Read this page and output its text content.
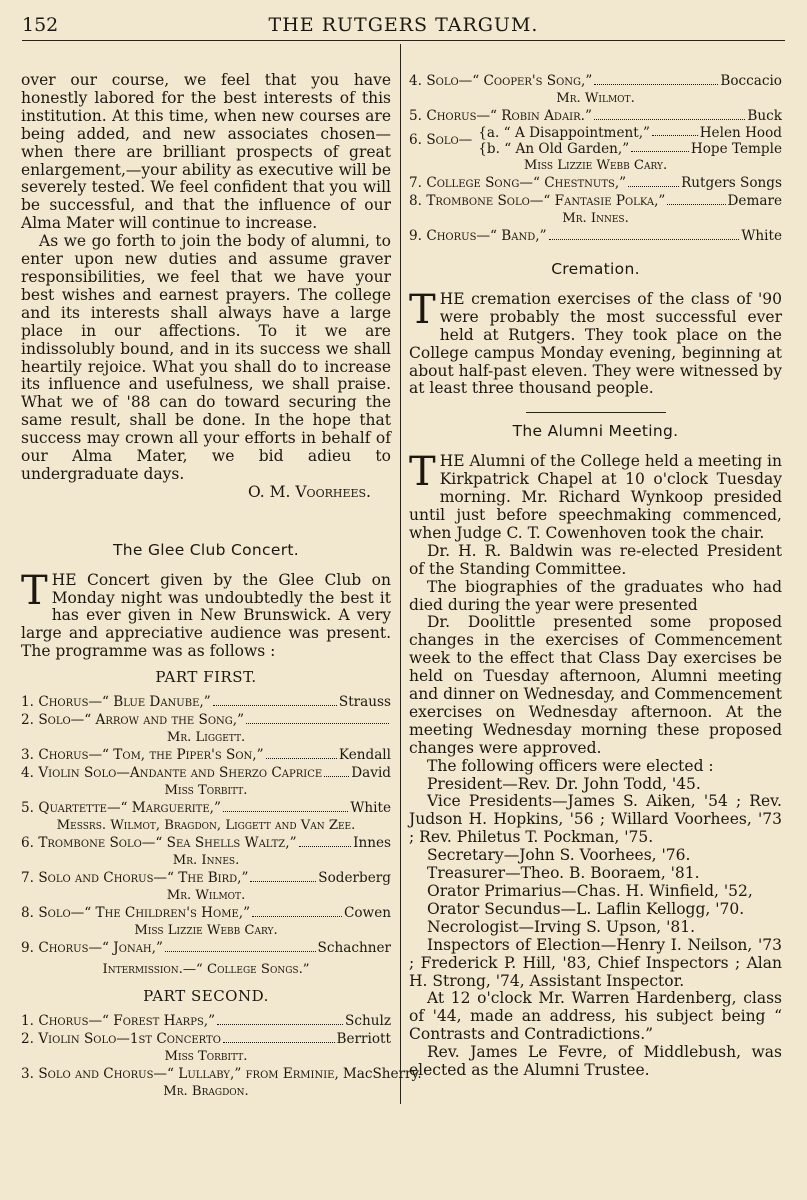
152	THE RUTGERS TARGUM.

over our course, we feel that you have honestly labored for the best interests of this institution. At this time, when new courses are being added, and new associates chosen—when there are brilliant prospects of great enlargement,—your ability as executive will be severely tested. We feel confident that you will be successful, and that the influence of our Alma Mater will continue to increase.

As we go forth to join the body of alumni, to enter upon new duties and assume graver responsibilities, we feel that we have your best wishes and earnest prayers. The college and its interests shall always have a large place in our affections. To it we are indissolubly bound, and in its success we shall heartily rejoice. What you shall do to increase its influence and usefulness, we shall praise. What we of '88 can do toward securing the same result, shall be done. In the hope that success may crown all your efforts in behalf of our Alma Mater, we bid adieu to undergraduate days.

O. M. Voorhees.

The Glee Club Concert.

THE Concert given by the Glee Club on Monday night was undoubtedly the best it has ever given in New Brunswick. A very large and appreciative audience was present. The programme was as follows :

PART FIRST.
1. Chorus—“ Blue Danube,”	Strauss
2. Solo—“ Arrow and the Song,”
Mr. Liggett.
3. Chorus—“ Tom, the Piper's Son,”	Kendall
4. Violin Solo—Andante and Sherzo Caprice David
Miss Torbitt.
5. Quartette—“ Marguerite,”	White
Messrs. Wilmot, Bragdon, Liggett and Van Zee.
6. Trombone Solo—“ Sea Shells Waltz,”	Innes
Mr. Innes.
7. Solo and Chorus—“ The Bird,”	Soderberg
Mr. Wilmot.
8. Solo—“ The Children's Home,”	Cowen
Miss Lizzie Webb Cary.
9. Chorus—“ Jonah,”	Schachner
Intermission.—“ College Songs.”
PART SECOND.
1. Chorus—“ Forest Harps,”	Schulz
2. Violin Solo—1st Concerto	Berriott
Miss Torbitt.
3. Solo and Chorus—“ Lullaby,” from Erminie, MacSherry.
Mr. Bragdon.
4. Solo—“ Cooper's Song,”	Boccacio
Mr. Wilmot.
5. Chorus—“ Robin Adair.”	Buck
6. Solo— {a. “ A Disappointment,”	Helen Hood
{b. “ An Old Garden,”	Hope Temple
Miss Lizzie Webb Cary.
7. College Song—“ Chestnuts,”	Rutgers Songs
8. Trombone Solo—“ Fantasie Polka,”	Demare
Mr. Innes.
9. Chorus—“ Band,”	White
Cremation.

THE cremation exercises of the class of '90 were probably the most successful ever held at Rutgers. They took place on the College campus Monday evening, beginning at about half-past eleven. They were witnessed by at least three thousand people.

The Alumni Meeting.

THE Alumni of the College held a meeting in Kirkpatrick Chapel at 10 o'clock Tuesday morning. Mr. Richard Wynkoop presided until just before speechmaking commenced, when Judge C. T. Cowenhoven took the chair.

Dr. H. R. Baldwin was re-elected President of the Standing Committee.

The biographies of the graduates who had died during the year were presented

Dr. Doolittle presented some proposed changes in the exercises of Commencement week to the effect that Class Day exercises be held on Tuesday afternoon, Alumni meeting and dinner on Wednesday, and Commencement exercises on Wednesday afternoon. At the meeting Wednesday morning these proposed changes were approved.

The following officers were elected :

President—Rev. Dr. John Todd, '45.

Vice Presidents—James S. Aiken, '54 ; Rev. Judson H. Hopkins, '56 ; Willard Voorhees, '73 ; Rev. Philetus T. Pockman, '75.

Secretary—John S. Voorhees, '76.

Treasurer—Theo. B. Booraem, '81.

Orator Primarius—Chas. H. Winfield, '52,

Orator Secundus—L. Laflin Kellogg, '70.

Necrologist—Irving S. Upson, '81.

Inspectors of Election—Henry I. Neilson, '73 ; Frederick P. Hill, '83, Chief Inspectors ; Alan H. Strong, '74, Assistant Inspector.

At 12 o'clock Mr. Warren Hardenberg, class of '44, made an address, his subject being “ Contrasts and Contradictions.”

Rev. James Le Fevre, of Middlebush, was elected as the Alumni Trustee.
